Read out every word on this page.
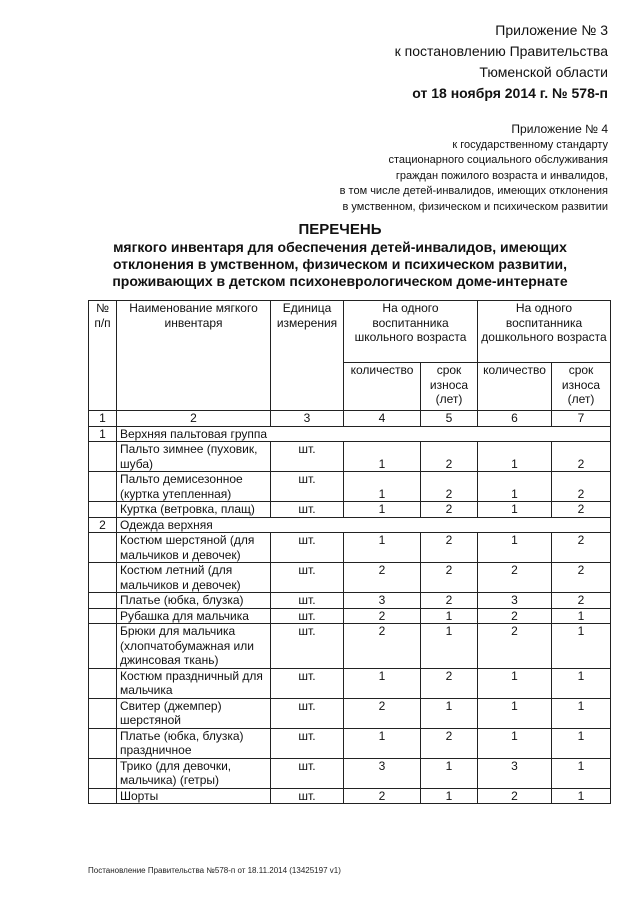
Приложение № 3
к постановлению Правительства
Тюменской области
от 18 ноября 2014 г. № 578-п
Приложение № 4
к государственному стандарту
стационарного социального обслуживания
граждан пожилого возраста и инвалидов,
в том числе детей-инвалидов, имеющих отклонения
в умственном, физическом и психическом развитии
ПЕРЕЧЕНЬ
мягкого инвентаря для обеспечения детей-инвалидов, имеющих
отклонения в умственном, физическом и психическом развитии,
проживающих в детском психоневрологическом доме-интернате
№ п/п	Наименование мягкого инвентаря	Единица измерения	На одного воспитанника школьного возраста		На одного воспитанника дошкольного возраста	
			количество	срок износа (лет)	количество	срок износа (лет)
1	2	3	4	5	6	7
1	Верхняя пальтовая группа					
	Пальто зимнее (пуховик, шуба)	шт.	1	2	1	2
	Пальто демисезонное (куртка утепленная)	шт.	1	2	1	2
	Куртка (ветровка, плащ)	шт.	1	2	1	2
2	Одежда верхняя					
	Костюм шерстяной (для мальчиков и девочек)	шт.	1	2	1	2
	Костюм летний (для мальчиков и девочек)	шт.	2	2	2	2
	Платье (юбка, блузка)	шт.	3	2	3	2
	Рубашка для мальчика	шт.	2	1	2	1
	Брюки для мальчика (хлопчатобумажная или джинсовая ткань)	шт.	2	1	2	1
	Костюм праздничный для мальчика	шт.	1	2	1	1
	Свитер (джемпер) шерстяной	шт.	2	1	1	1
	Платье (юбка, блузка) праздничное	шт.	1	2	1	1
	Трико (для девочки, мальчика) (гетры)	шт.	3	1	3	1
	Шорты	шт.	2	1	2	1
Постановление Правительства №578-п от 18.11.2014 (13425197 v1)
